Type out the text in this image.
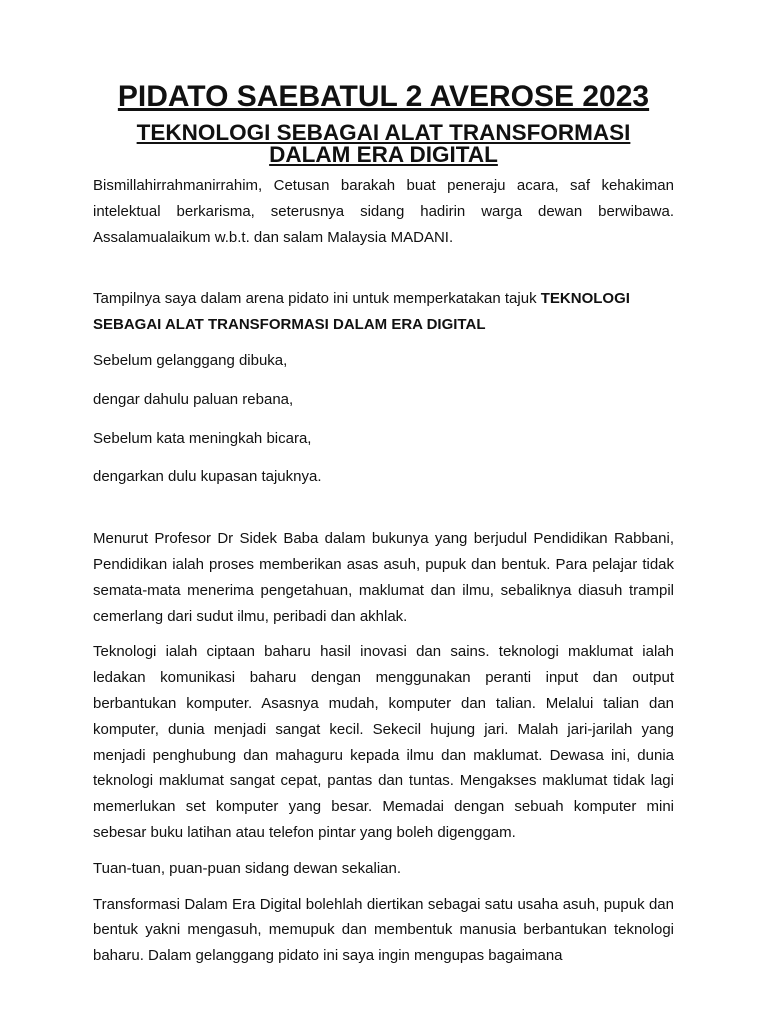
PIDATO SAEBATUL 2 AVEROSE 2023
TEKNOLOGI SEBAGAI ALAT TRANSFORMASI DALAM ERA DIGITAL

Bismillahirrahmanirrahim, Cetusan barakah buat peneraju acara, saf kehakiman intelektual berkarisma, seterusnya sidang hadirin warga dewan berwibawa. Assalamualaikum w.b.t. dan salam Malaysia MADANI.

Tampilnya saya dalam arena pidato ini untuk memperkatakan tajuk TEKNOLOGI SEBAGAI ALAT TRANSFORMASI DALAM ERA DIGITAL

Sebelum gelanggang dibuka,

dengar dahulu paluan rebana,

Sebelum kata meningkah bicara,

dengarkan dulu kupasan tajuknya.

Menurut Profesor Dr Sidek Baba dalam bukunya yang berjudul Pendidikan Rabbani, Pendidikan ialah proses memberikan asas asuh, pupuk dan bentuk. Para pelajar tidak semata-mata menerima pengetahuan, maklumat dan ilmu, sebaliknya diasuh trampil cemerlang dari sudut ilmu, peribadi dan akhlak.

Teknologi ialah ciptaan baharu hasil inovasi dan sains. teknologi maklumat ialah ledakan komunikasi baharu dengan menggunakan peranti input dan output berbantukan komputer. Asasnya mudah, komputer dan talian. Melalui talian dan komputer, dunia menjadi sangat kecil. Sekecil hujung jari. Malah jari-jarilah yang menjadi penghubung dan mahaguru kepada ilmu dan maklumat. Dewasa ini, dunia teknologi maklumat sangat cepat, pantas dan tuntas. Mengakses maklumat tidak lagi memerlukan set komputer yang besar. Memadai dengan sebuah komputer mini sebesar buku latihan atau telefon pintar yang boleh digenggam.

Tuan-tuan, puan-puan sidang dewan sekalian.

Transformasi Dalam Era Digital bolehlah diertikan sebagai satu usaha asuh, pupuk dan bentuk yakni mengasuh, memupuk dan membentuk manusia berbantukan teknologi baharu. Dalam gelanggang pidato ini saya ingin mengupas bagaimana
